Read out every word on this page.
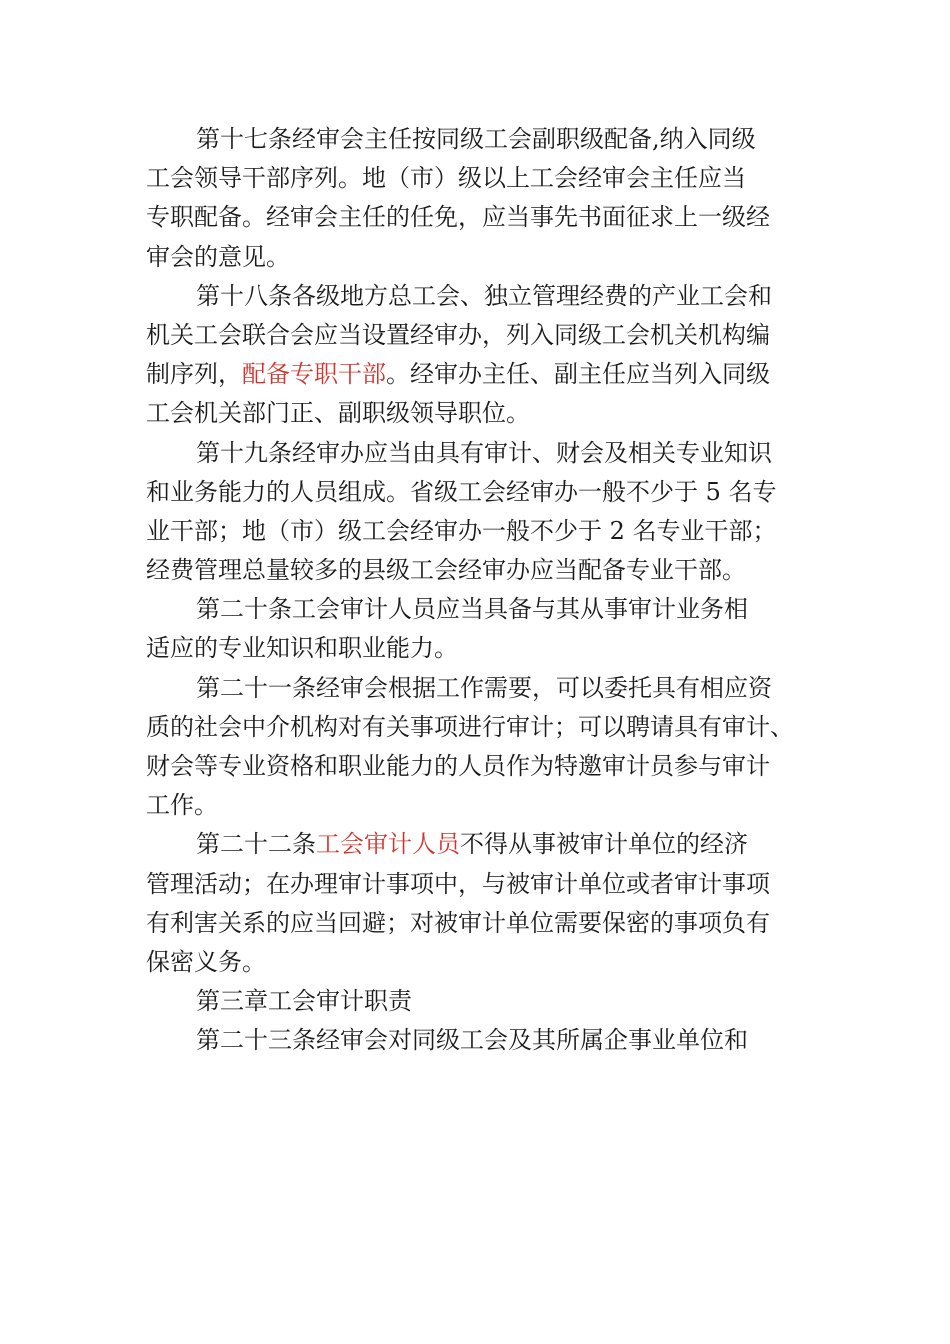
第十七条经审会主任按同级工会副职级配备,纳入同级
工会领导干部序列。地（市）级以上工会经审会主任应当
专职配备。经审会主任的任免，应当事先书面征求上一级经
审会的意见。
第十八条各级地方总工会、独立管理经费的产业工会和
机关工会联合会应当设置经审办，列入同级工会机关机构编
制序列，配备专职干部。经审办主任、副主任应当列入同级
工会机关部门正、副职级领导职位。
第十九条经审办应当由具有审计、财会及相关专业知识
和业务能力的人员组成。省级工会经审办一般不少于 5 名专
业干部；地（市）级工会经审办一般不少于 2 名专业干部；
经费管理总量较多的县级工会经审办应当配备专业干部。
第二十条工会审计人员应当具备与其从事审计业务相
适应的专业知识和职业能力。
第二十一条经审会根据工作需要，可以委托具有相应资
质的社会中介机构对有关事项进行审计；可以聘请具有审计、
财会等专业资格和职业能力的人员作为特邀审计员参与审计
工作。
第二十二条工会审计人员不得从事被审计单位的经济
管理活动；在办理审计事项中，与被审计单位或者审计事项
有利害关系的应当回避；对被审计单位需要保密的事项负有
保密义务。
第三章工会审计职责
第二十三条经审会对同级工会及其所属企事业单位和
